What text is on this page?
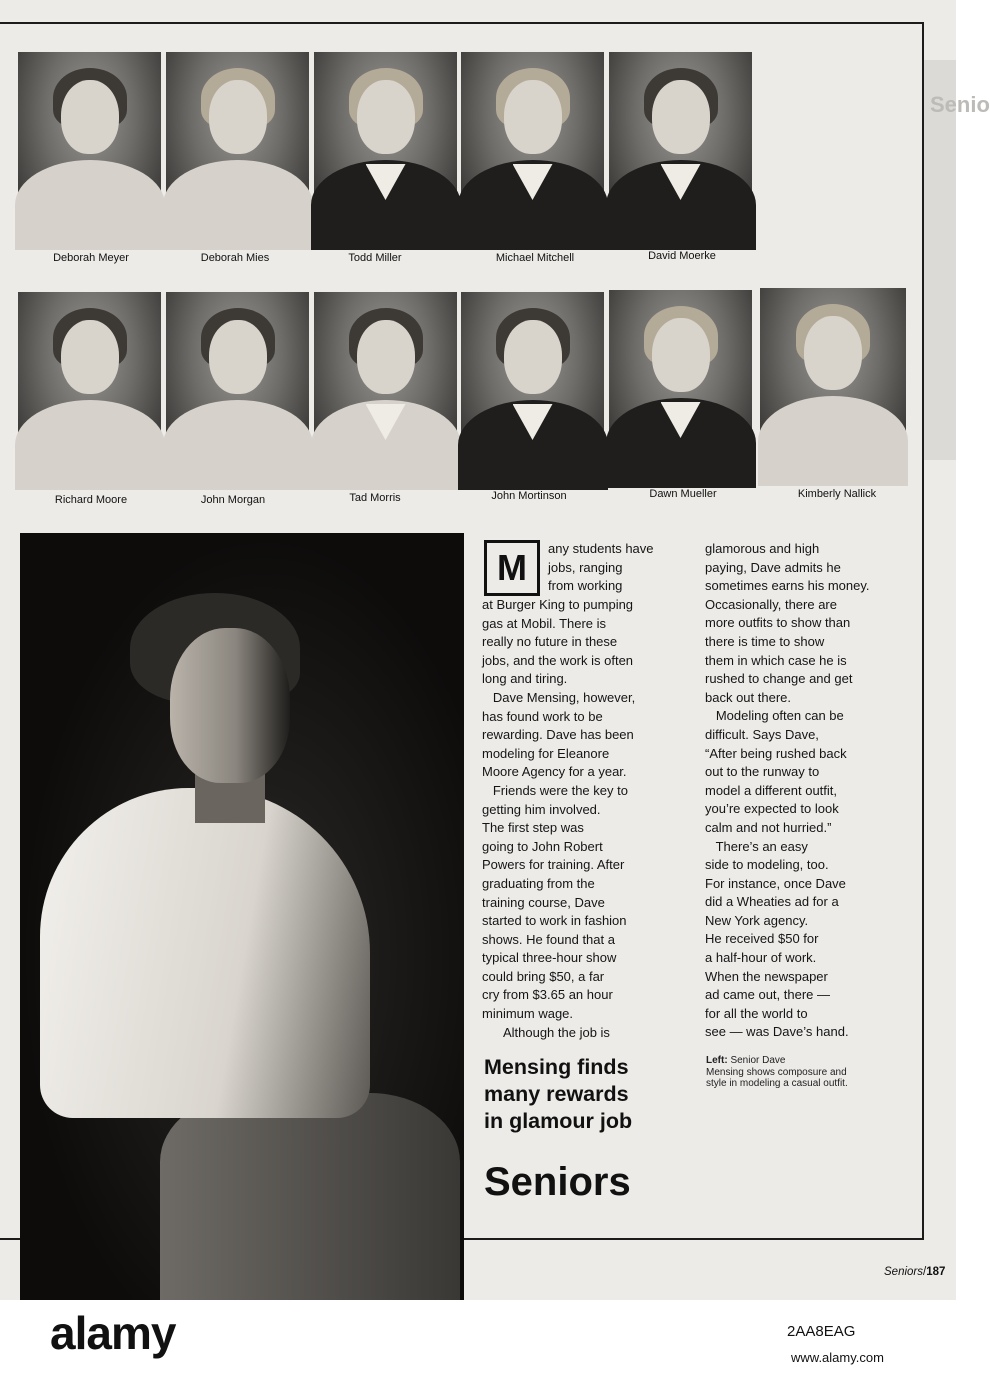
Senio
Deborah Meyer	Deborah Mies	Todd Miller	Michael Mitchell	David Moerke
Richard Moore	John Morgan	Tad Morris	John Mortinson	Dawn Mueller	Kimberly Nallick
M any students have
jobs, ranging
from working
at Burger King to pumping
gas at Mobil. There is
really no future in these
jobs, and the work is often
long and tiring.
Dave Mensing, however,
has found work to be
rewarding. Dave has been
modeling for Eleanore
Moore Agency for a year.
Friends were the key to
getting him involved.
The first step was
going to John Robert
Powers for training. After
graduating from the
training course, Dave
started to work in fashion
shows. He found that a
typical three-hour show
could bring $50, a far
cry from $3.65 an hour
minimum wage.
Although the job is
glamorous and high
paying, Dave admits he
sometimes earns his money.
Occasionally, there are
more outfits to show than
there is time to show
them in which case he is
rushed to change and get
back out there.
Modeling often can be
difficult. Says Dave,
“After being rushed back
out to the runway to
model a different outfit,
you’re expected to look
calm and not hurried.”
There’s an easy
side to modeling, too.
For instance, once Dave
did a Wheaties ad for a
New York agency.
He received $50 for
a half-hour of work.
When the newspaper
ad came out, there —
for all the world to
see — was Dave’s hand.
Mensing finds
many rewards
in glamour job
Seniors
Left: Senior Dave
Mensing shows composure and
style in modeling a casual outfit.
Seniors/187
alamy	2AA8EAG
www.alamy.com
